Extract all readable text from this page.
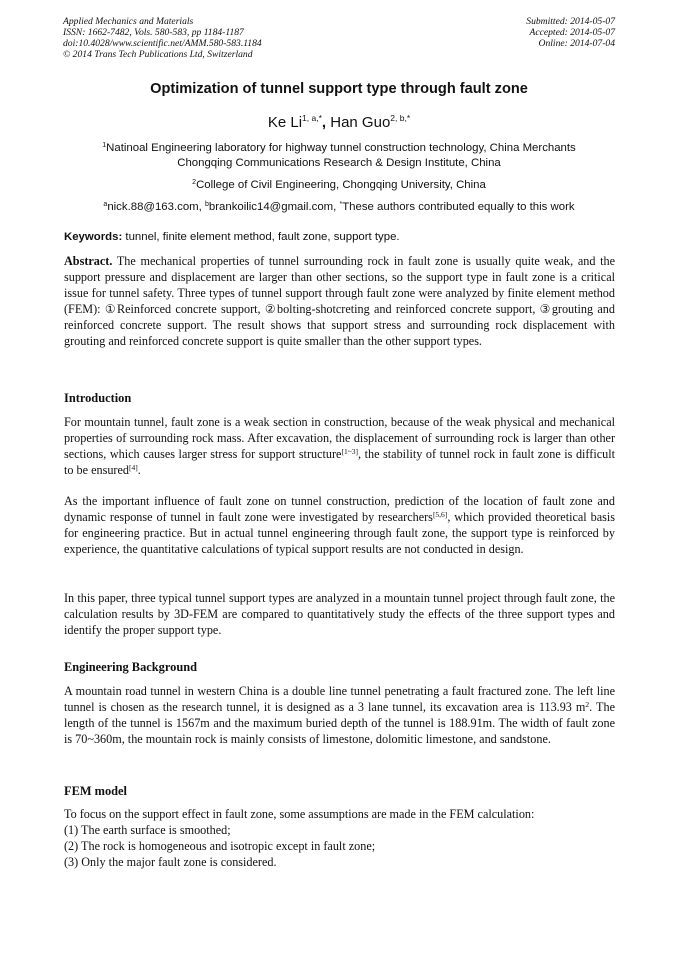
Applied Mechanics and Materials
ISSN: 1662-7482, Vols. 580-583, pp 1184-1187
doi:10.4028/www.scientific.net/AMM.580-583.1184
© 2014 Trans Tech Publications Ltd, Switzerland
Submitted: 2014-05-07
Accepted: 2014-05-07
Online: 2014-07-04
Optimization of tunnel support type through fault zone
Ke $Li^{1, a,*}$, Han Guo$^{2, b,*}$
$^1$Natinoal Engineering laboratory for highway tunnel construction technology, China Merchants
Chongqing Communications Research & Design Institute, China
$^2$College of Civil Engineering, Chongqing University, China
$^a$nick.88@163.com, $^b$brankoilic14@gmail.com, *These authors contributed equally to this work
Keywords: tunnel, finite element method, fault zone, support type.
Abstract. The mechanical properties of tunnel surrounding rock in fault zone is usually quite weak, and the support pressure and displacement are larger than other sections, so the support type in fault zone is a critical issue for tunnel safety. Three types of tunnel support through fault zone were analyzed by finite element method (FEM): ①Reinforced concrete support, ②bolting-shotcreting and reinforced concrete support, ③grouting and reinforced concrete support. The result shows that support stress and surrounding rock displacement with grouting and reinforced concrete support is quite smaller than the other support types.
Introduction
For mountain tunnel, fault zone is a weak section in construction, because of the weak physical and mechanical properties of surrounding rock mass. After excavation, the displacement of surrounding rock is larger than other sections, which causes larger stress for support structure[1~3], the stability of tunnel rock in fault zone is difficult to be ensured[4].
As the important influence of fault zone on tunnel construction, prediction of the location of fault zone and dynamic response of tunnel in fault zone were investigated by researchers[5,6], which provided theoretical basis for engineering practice. But in actual tunnel engineering through fault zone, the support type is reinforced by experience, the quantitative calculations of typical support results are not conducted in design.
In this paper, three typical tunnel support types are analyzed in a mountain tunnel project through fault zone, the calculation results by 3D-FEM are compared to quantitatively study the effects of the three support types and identify the proper support type.
Engineering Background
A mountain road tunnel in western China is a double line tunnel penetrating a fault fractured zone. The left line tunnel is chosen as the research tunnel, it is designed as a 3 lane tunnel, its excavation area is 113.93 $m^2$. The length of the tunnel is 1567m and the maximum buried depth of the tunnel is 188.91m. The width of fault zone is 70~360m, the mountain rock is mainly consists of limestone, dolomitic limestone, and sandstone.
FEM model
To focus on the support effect in fault zone, some assumptions are made in the FEM calculation:
(1) The earth surface is smoothed;
(2) The rock is homogeneous and isotropic except in fault zone;
(3) Only the major fault zone is considered.
